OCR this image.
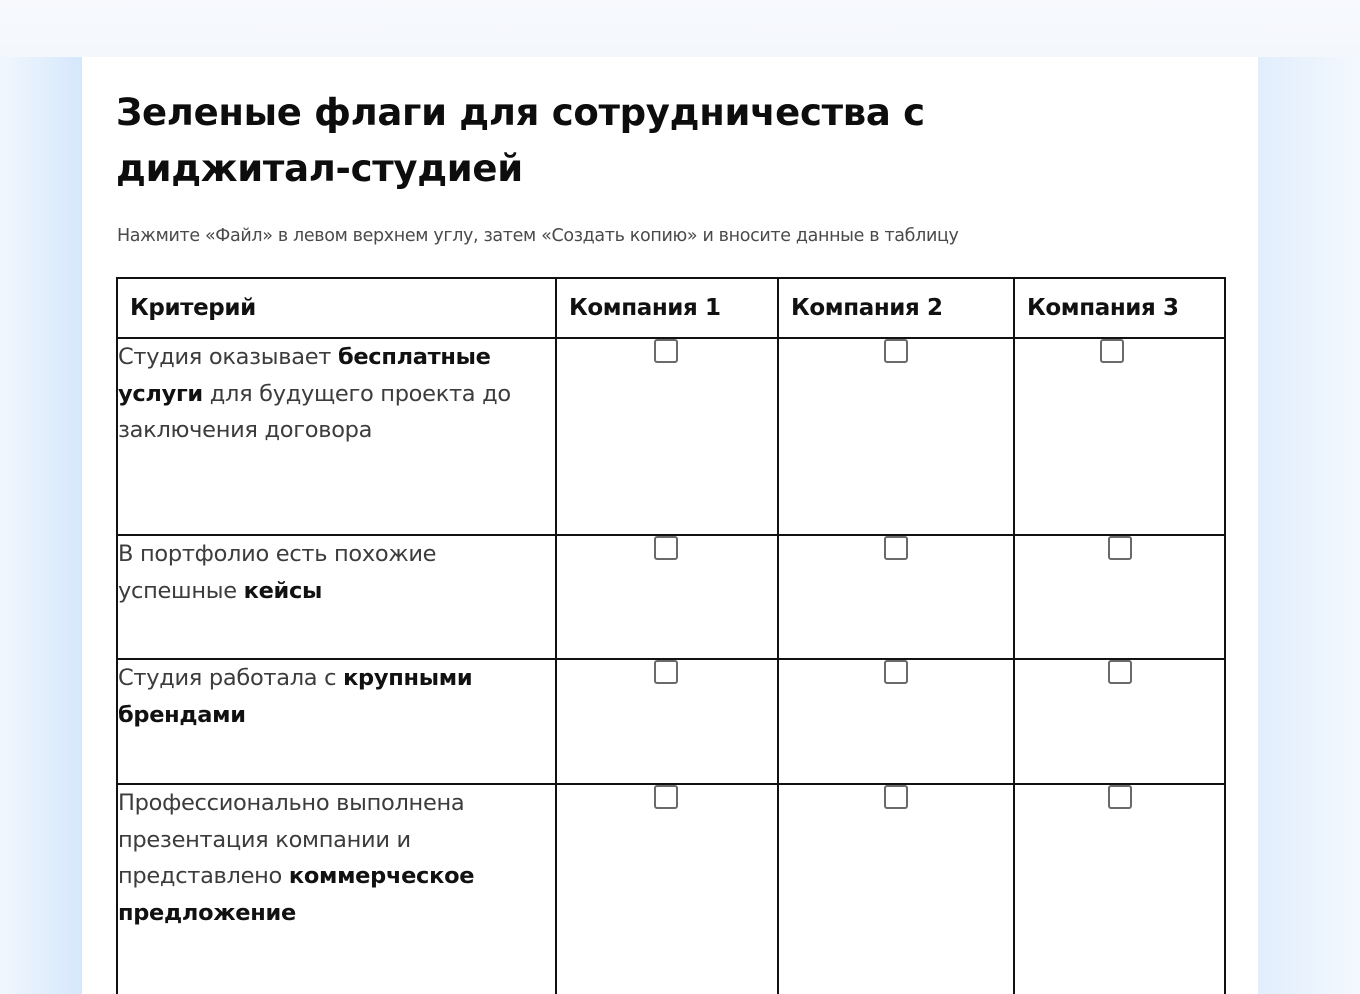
Зеленые флаги для сотрудничества с
диджитал-студией
Нажмите «Файл» в левом верхнем углу, затем «Создать копию» и вносите данные в таблицу
Критерий	Компания 1	Компания 2	Компания 3
Студия оказывает бесплатные услуги для будущего проекта до заключения договора			
В портфолио есть похожие успешные кейсы			
Студия работала с крупными брендами			
Профессионально выполнена презентация компании и представлено коммерческое предложение			
